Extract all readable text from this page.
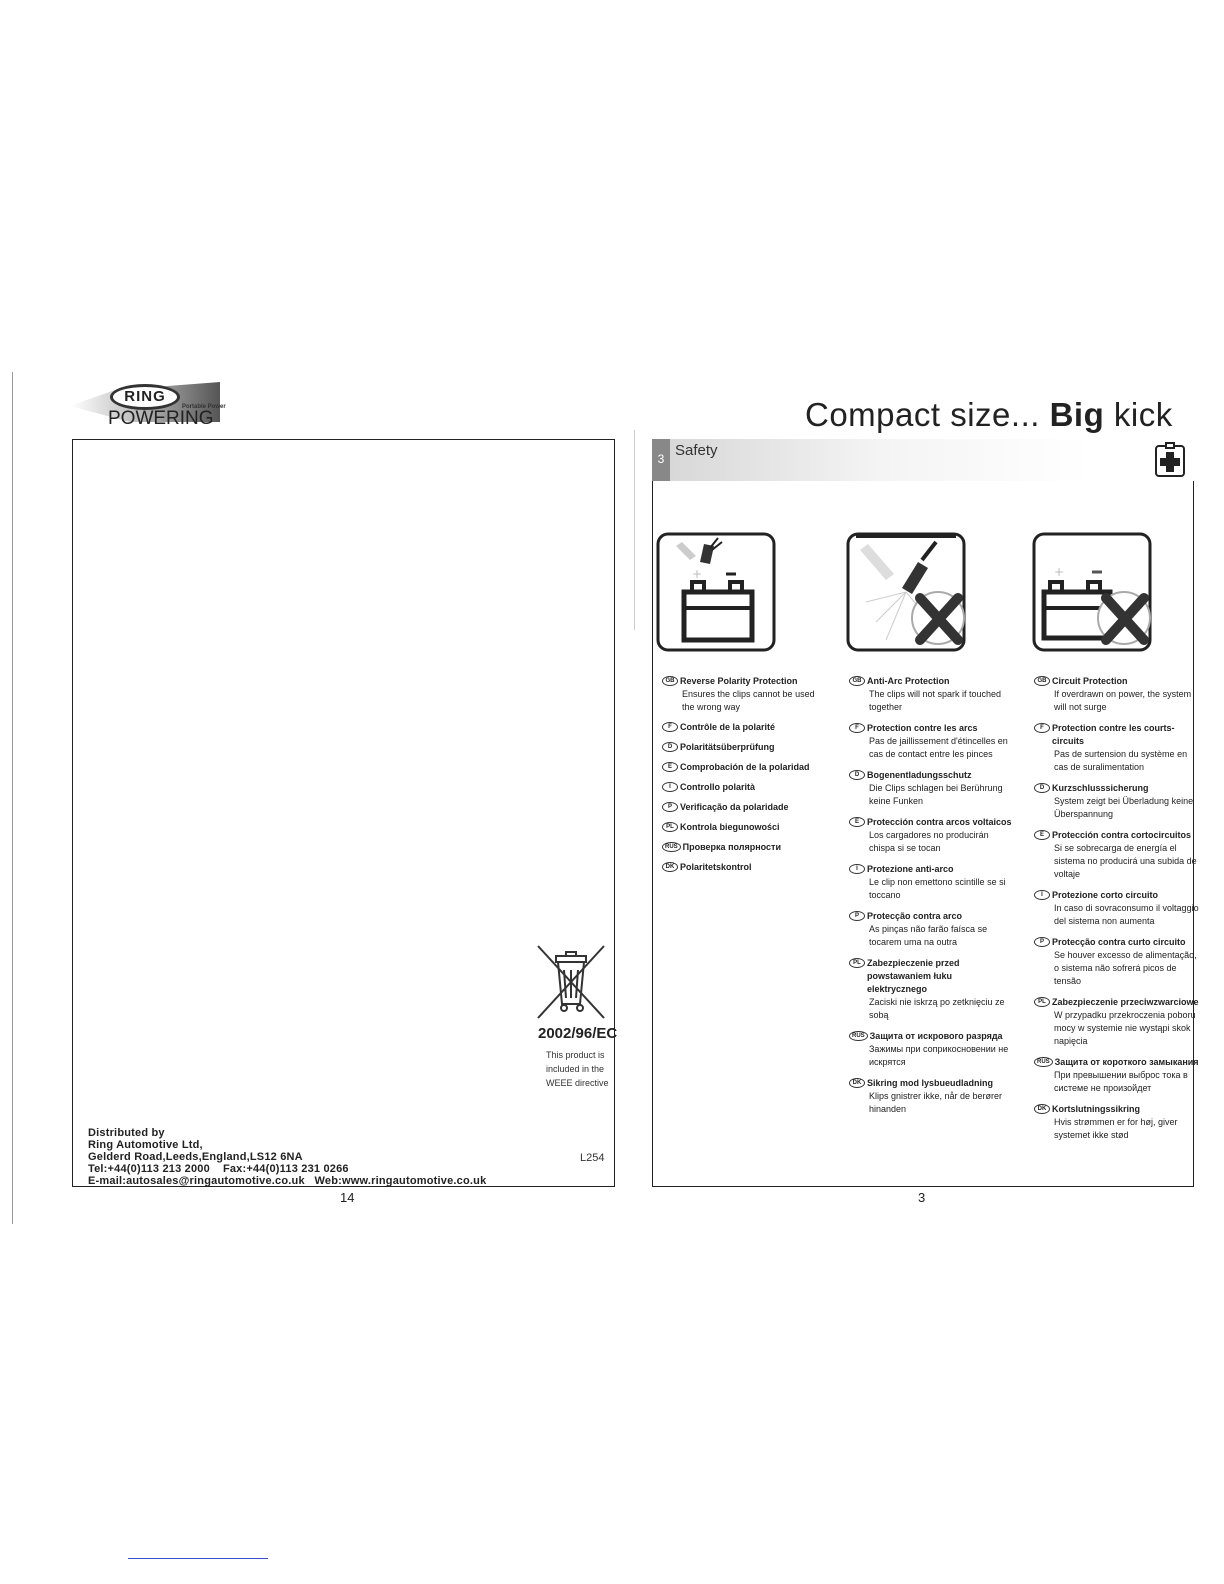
RING
Portable Power
POWERING
2002/96/EC
This product is included in the WEEE directive
Distributed by
Ring Automotive Ltd,
Gelderd Road,Leeds,England,LS12 6NA
Tel:+44(0)113 213 2000    Fax:+44(0)113 231 0266
E-mail:autosales@ringautomotive.co.uk   Web:www.ringautomotive.co.uk
L254
14
Compact size... Big kick
3 Safety
+	+
GB Reverse Polarity Protection
Ensures the clips cannot be used the wrong way
F Contrôle de la polarité
D Polaritätsüberprüfung
E Comprobación de la polaridad
I	Controllo polarità
P Verificação da polaridade
PL Kontrola biegunowości
RUS Проверка полярности
DK Polaritetskontrol
GB Anti-Arc Protection
The clips will not spark if touched together
F Protection contre les arcs
Pas de jaillissement d'étincelles en cas de contact entre les pinces
D Bogenentladungsschutz
Die Clips schlagen bei Berührung keine Funken
E Protección contra arcos voltaicos
Los cargadores no producirán chispa si se tocan
I	Protezione anti-arco
Le clip non emettono scintille se si toccano
P Protecção contra arco
As pinças não farão faísca se tocarem uma na outra
PL Zabezpieczenie przed powstawaniem łuku elektrycznego
Zaciski nie iskrzą po zetknięciu ze sobą
RUS Защита от искрового разряда
Зажимы при соприкосновении не искрятся
DK Sikring mod lysbueudladning
Klips gnistrer ikke, når de berører hinanden
GB Circuit Protection
If overdrawn on power, the system will not surge
F Protection contre les courts-circuits
Pas de surtension du système en cas de suralimentation
D Kurzschlusssicherung
System zeigt bei Überladung keine Überspannung
E Protección contra cortocircuitos
Si se sobrecarga de energía el sistema no producirá una subida de voltaje
I	Protezione corto circuito
In caso di sovraconsumo il voltaggio del sistema non aumenta
P Protecção contra curto circuito
Se houver excesso de alimentação, o sistema não sofrerá picos de tensão
PL Zabezpieczenie przeciwzwarciowe
W przypadku przekroczenia poboru mocy w systemie nie wystąpi skok napięcia
RUS Защита от короткого замыкания
При превышении выброс тока в системе не произойдет
DK Kortslutningssikring
Hvis strømmen er for høj, giver systemet ikke stød
3
